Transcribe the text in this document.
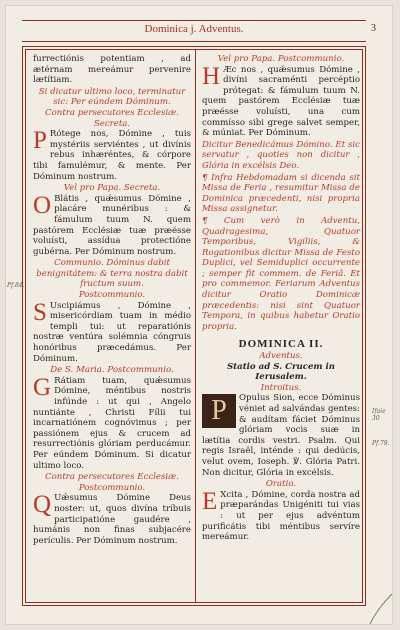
Dominica j. Adventus.	3
furrectiónis potentiam , ad ætérnam mereámur pervenire lætítiam.
Si dicatur ultimo loco, terminatur sic: Per eúndem Dóminum.
Contra persecutores Ecclesiæ.
Secreta.
P Rótege nos, Dómine , tuis mystériis serviéntes , ut divínis rebus inhæréntes, & córpore tibi famulémur, & mente. Per Dóminum nostrum.
Vel pro Papa. Secreta.
O Blátis , quǽsumus Dómine , placáre munéribus : & fámulum tuum N. quem pastórem Ecclésiæ tuæ præésse voluísti, assídua protectióne gubérna. Per Dóminum nostrum.
Communio. Dóminus dabit benignitátem: & terra nostra dabit fructum suum.
Postcommunio.
S Uscipiámus , Dómine , misericórdiam tuam in médio templi tui: ut reparatiónis nostræ ventúra solémnia cóngruis honóribus præcedámus. Per Dóminum.
De S. Maria. Postcommunio.
G Rátiam tuam, quǽsumus Dómine, méntibus nostris infúnde : ut qui , Angelo nuntiánte , Christi Fílii tui incarnatiónem cognóvimus ; per passiónem ejus & crucem ad resurrectiónis glóriam perducámur. Per eúndem Dóminum. Si dicatur ultimo loco.
Contra persecutores Ecclesiæ.
Postcommunio.
Q Uǽsumus Dómine Deus noster: ut, quos divína tríbuis participatióne gaudére , humánis non finas subjacére perículis. Per Dóminum nostrum.
Vel pro Papa. Postcommunio.
H Æc nos , quǽsumus Dómine , divíni sacraménti percéptio prótegat: & fámulum tuum N. quem pastórem Ecclésiæ tuæ præésse voluísti, una cum commísso sibi grege salvet semper, & múniat. Per Dóminum.
Dicitur Benedicámus Dómino. Et sic servatur , quoties non dicitur , Glória in excélsis Deo.
¶ Infra Hebdomadam si dicenda sit Missa de Feria , resumitur Missa de Dominica præcedenti, nisi propria Missa assignetur.
¶ Cum verò in Adventu, Quadragesima, Quatuor Temporibus, Vigiliis, & Rogationibus dicitur Missa de Festo Duplici, vel Semiduplici occurrente ; semper fit commem. de Feriâ. Et pro commemor. Feriarum Adventus dicitur Oratio Dominicæ præcedentis: nisi sint Quatuor Tempora, in quibus habetur Oratio propria.
DOMINICA II.
Adventus.
Statio ad S. Crucem in Ierusalem.
Introitus.
P	Opulus Sion, ecce Dóminus véniet ad salvándas gentes: & audítam fáciet Dóminus glóriam vocis suæ in lætítia cordis vestri. Psalm. Qui regis Israël, inténde : qui dedúcis, velut ovem, Ioseph. ℣. Glória Patri. Non dicitur, Glória in excélsis.
Oratio.
E Xcita , Dómine, corda nostra ad præparándas Unigéniti tui vias : ut per ejus advéntum purificátis tibi méntibus servíre mereámur.
Pf.84.
Ifaie 30
Pf.79.
